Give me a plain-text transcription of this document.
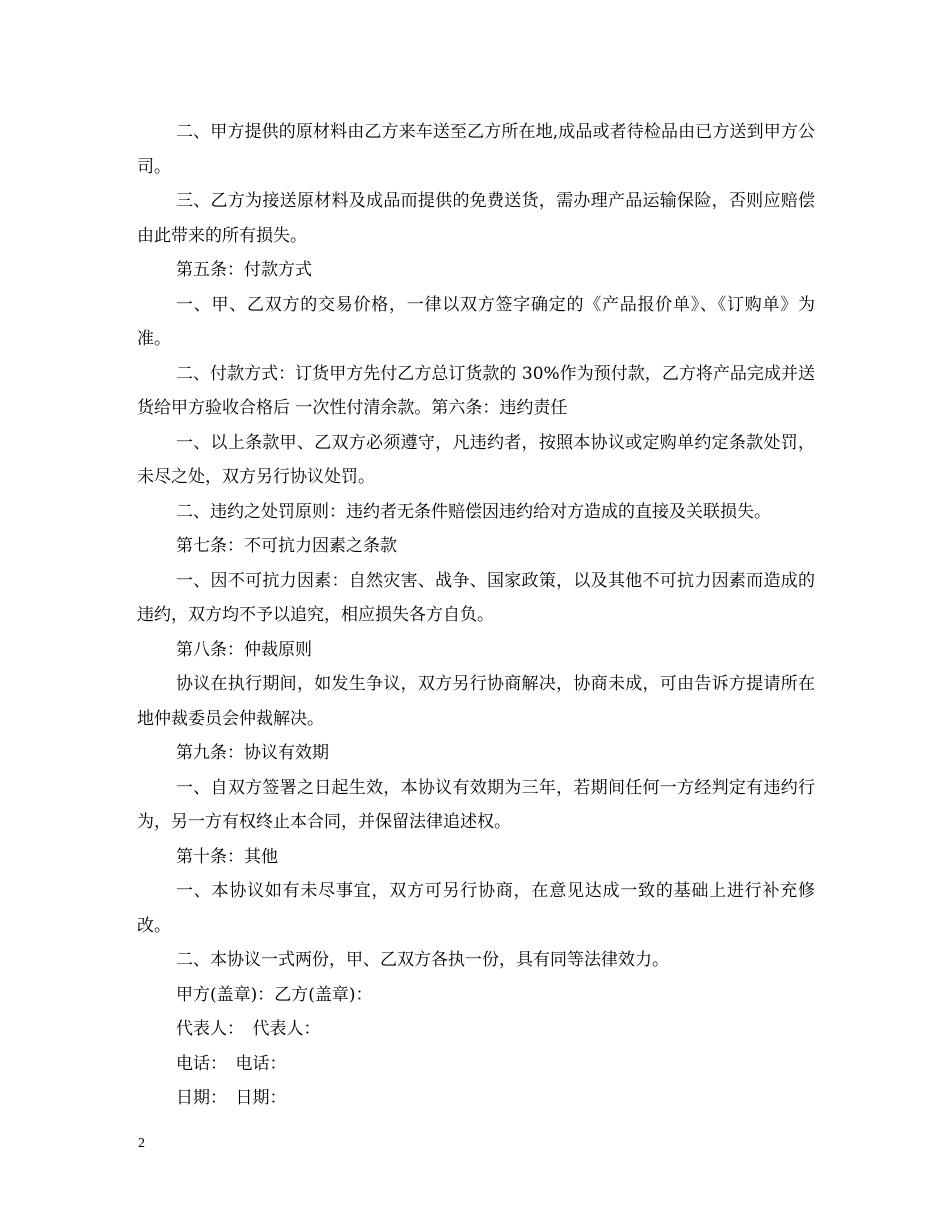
二、甲方提供的原材料由乙方来车送至乙方所在地,成品或者待检品由已方送到甲方公司。

三、乙方为接送原材料及成品而提供的免费送货，需办理产品运输保险，否则应赔偿由此带来的所有损失。

第五条：付款方式

一、甲、乙双方的交易价格，一律以双方签字确定的《产品报价单》、《订购单》为准。

二、付款方式：订货甲方先付乙方总订货款的 30%作为预付款，乙方将产品完成并送货给甲方验收合格后 一次性付清余款。第六条：违约责任

一、以上条款甲、乙双方必须遵守，凡违约者，按照本协议或定购单约定条款处罚，未尽之处，双方另行协议处罚。

二、违约之处罚原则：违约者无条件赔偿因违约给对方造成的直接及关联损失。

第七条：不可抗力因素之条款

一、因不可抗力因素：自然灾害、战争、国家政策，以及其他不可抗力因素而造成的违约，双方均不予以追究，相应损失各方自负。

第八条：仲裁原则

协议在执行期间，如发生争议，双方另行协商解决，协商未成，可由告诉方提请所在地仲裁委员会仲裁解决。

第九条：协议有效期

一、自双方签署之日起生效，本协议有效期为三年，若期间任何一方经判定有违约行为，另一方有权终止本合同，并保留法律追述权。

第十条：其他

一、本协议如有未尽事宜，双方可另行协商，在意见达成一致的基础上进行补充修改。

二、本协议一式两份，甲、乙双方各执一份，具有同等法律效力。

甲方(盖章)：乙方(盖章)：

代表人：　代表人：

电话：　电话：

日期：　日期：

2
